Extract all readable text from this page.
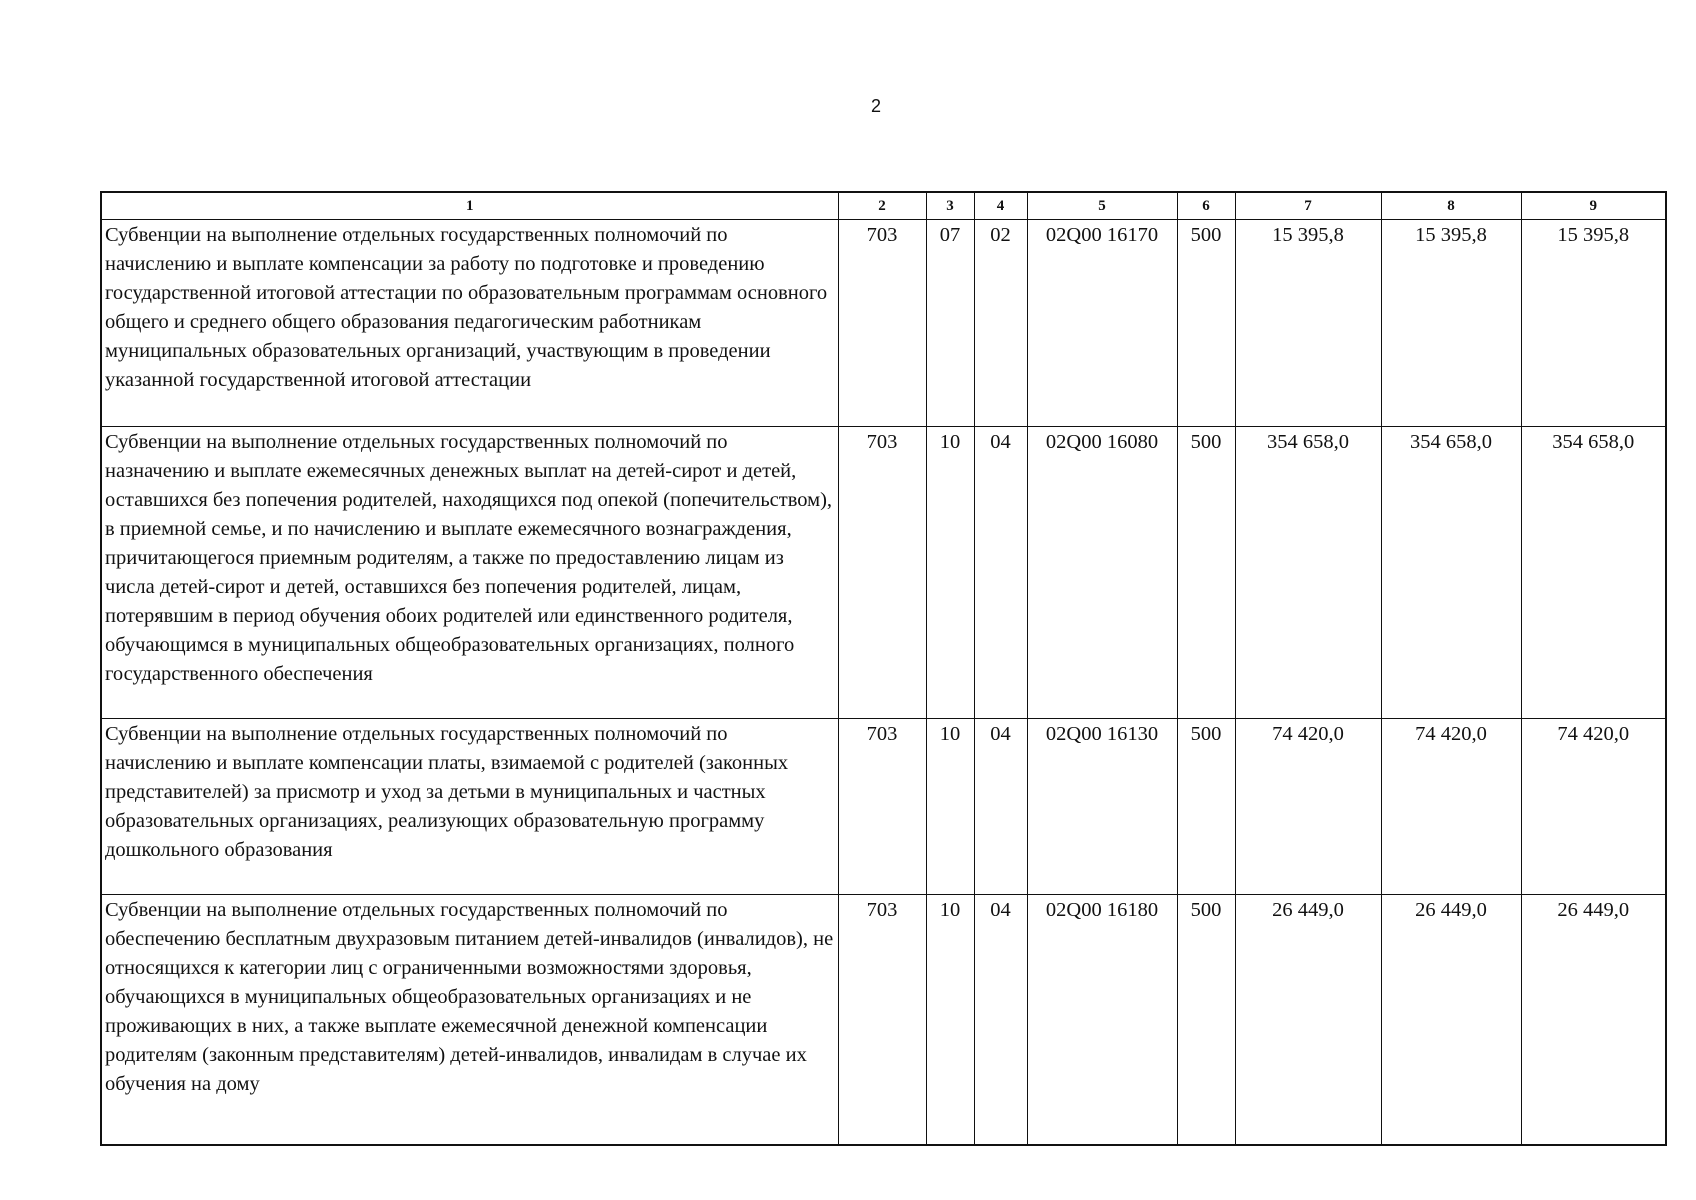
2
1	2	3	4	5	6	7	8	9
Субвенции на выполнение отдельных государственных полномочий по начислению и выплате компенсации за работу по подготовке и проведению государственной итоговой аттестации по образовательным программам основного общего и среднего общего образования педагогическим работникам муниципальных образовательных организаций, участвующим в проведении указанной государственной итоговой аттестации	703	07	02	02Q00 16170	500	15 395,8	15 395,8	15 395,8
Субвенции на выполнение отдельных государственных полномочий по назначению и выплате ежемесячных денежных выплат на детей-сирот и детей, оставшихся без попечения родителей, находящихся под опекой (попечительством), в приемной семье, и по начислению и выплате ежемесячного вознаграждения, причитающегося приемным родителям, а также по предоставлению лицам из числа детей-сирот и детей, оставшихся без попечения родителей, лицам, потерявшим в период обучения обоих родителей или единственного родителя, обучающимся в муниципальных общеобразовательных организациях, полного государственного обеспечения	703	10	04	02Q00 16080	500	354 658,0	354 658,0	354 658,0
Субвенции на выполнение отдельных государственных полномочий по начислению и выплате компенсации платы, взимаемой с родителей (законных представителей) за присмотр и уход за детьми в муниципальных и частных образовательных организациях, реализующих образовательную программу дошкольного образования	703	10	04	02Q00 16130	500	74 420,0	74 420,0	74 420,0
Субвенции на выполнение отдельных государственных полномочий по обеспечению бесплатным двухразовым питанием детей-инвалидов (инвалидов), не относящихся к категории лиц с ограниченными возможностями здоровья, обучающихся в муниципальных общеобразовательных организациях и не проживающих в них, а также выплате ежемесячной денежной компенсации родителям (законным представителям) детей-инвалидов, инвалидам в случае их обучения на дому	703	10	04	02Q00 16180	500	26 449,0	26 449,0	26 449,0
